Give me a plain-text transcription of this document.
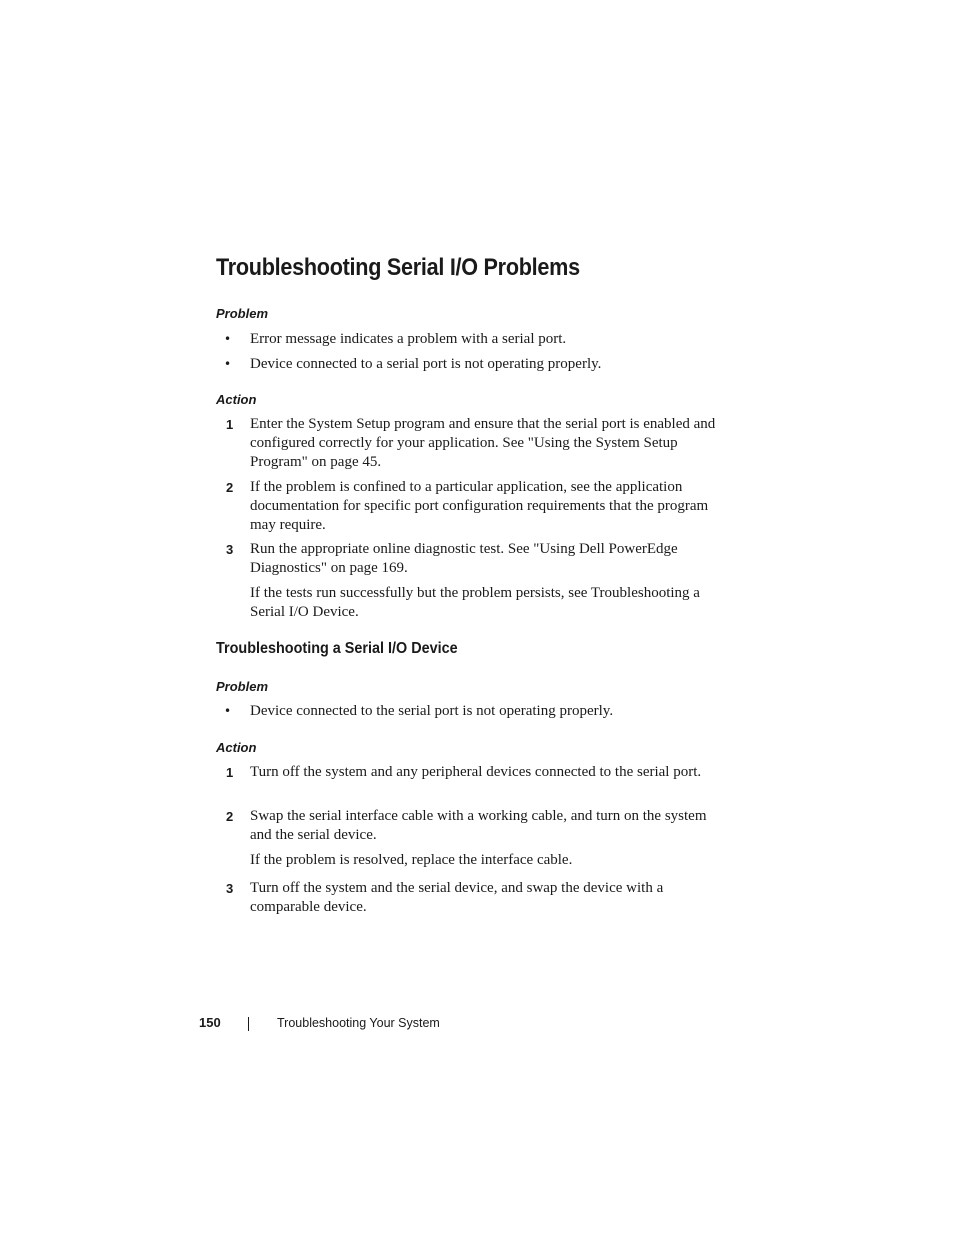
Troubleshooting Serial I/O Problems

Problem

•	Error message indicates a problem with a serial port.
•	Device connected to a serial port is not operating properly.

Action

1	Enter the System Setup program and ensure that the serial port is enabled and configured correctly for your application. See "Using the System Setup Program" on page 45.
2	If the problem is confined to a particular application, see the application documentation for specific port configuration requirements that the program may require.
3	Run the appropriate online diagnostic test. See "Using Dell PowerEdge Diagnostics" on page 169.

If the tests run successfully but the problem persists, see Troubleshooting a Serial I/O Device.

Troubleshooting a Serial I/O Device

Problem

•	Device connected to the serial port is not operating properly.

Action

1	Turn off the system and any peripheral devices connected to the serial port.
2	Swap the serial interface cable with a working cable, and turn on the system and the serial device.

If the problem is resolved, replace the interface cable.

3	Turn off the system and the serial device, and swap the device with a comparable device.
150	Troubleshooting Your System
